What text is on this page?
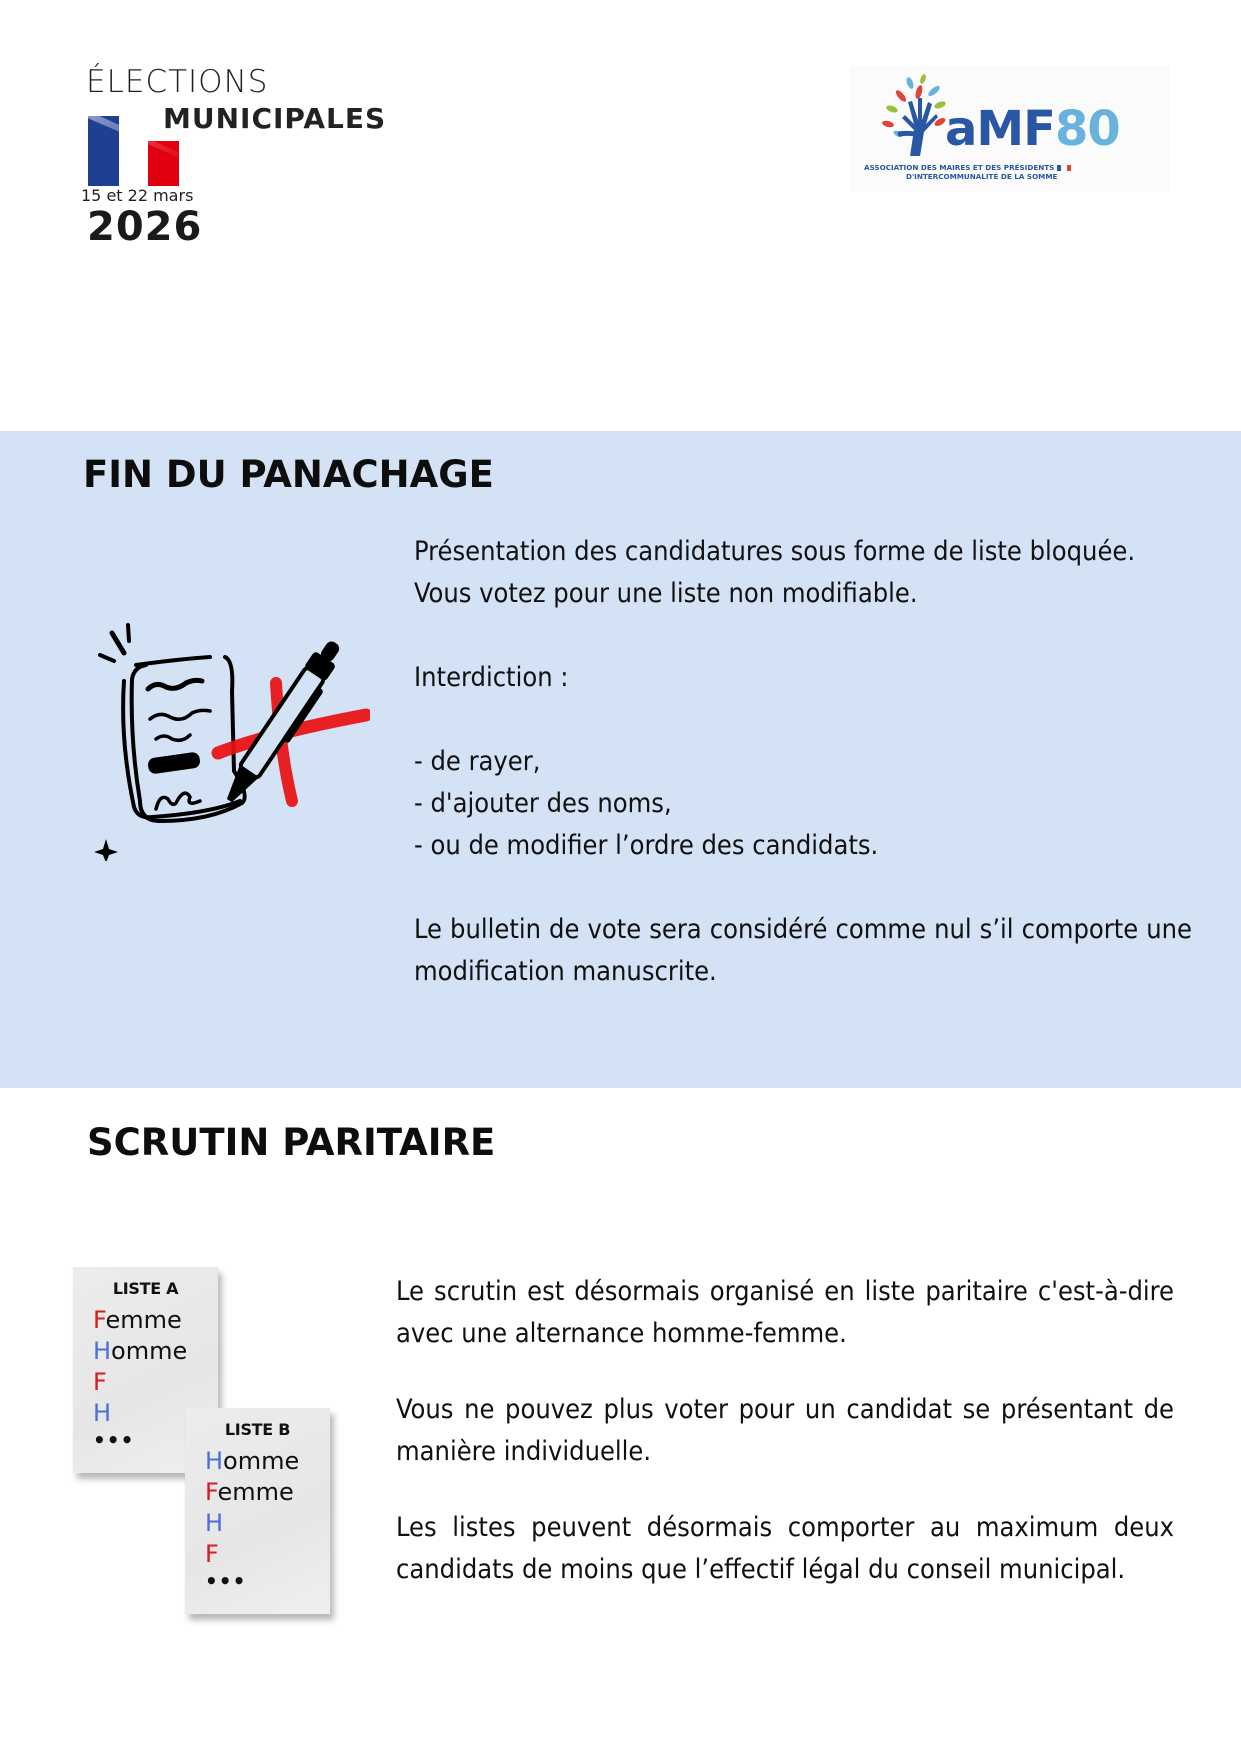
ÉLECTIONS
MUNICIPALES
15 et 22 mars
2026
aMF80
ASSOCIATION DES MAIRES ET DES PRÉSIDENTS
D'INTERCOMMUNALITÉ DE LA SOMME
FIN DU PANACHAGE

Présentation des candidatures sous forme de liste bloquée.

Vous votez pour une liste non modifiable.

Interdiction :

- de rayer,

- d'ajouter des noms,

- ou de modifier l’ordre des candidats.

Le bulletin de vote sera considéré comme nul s’il comporte une modification manuscrite.

SCRUTIN PARITAIRE
LISTE A
Femme
Homme
F
H
•••	LISTE B
Homme
Femme
H
F
•••

Le scrutin est désormais organisé en liste paritaire c'est-à-dire avec une alternance homme-femme.

Vous ne pouvez plus voter pour un candidat se présentant de manière individuelle.

Les listes peuvent désormais comporter au maximum deux candidats de moins que l’effectif légal du conseil municipal.
